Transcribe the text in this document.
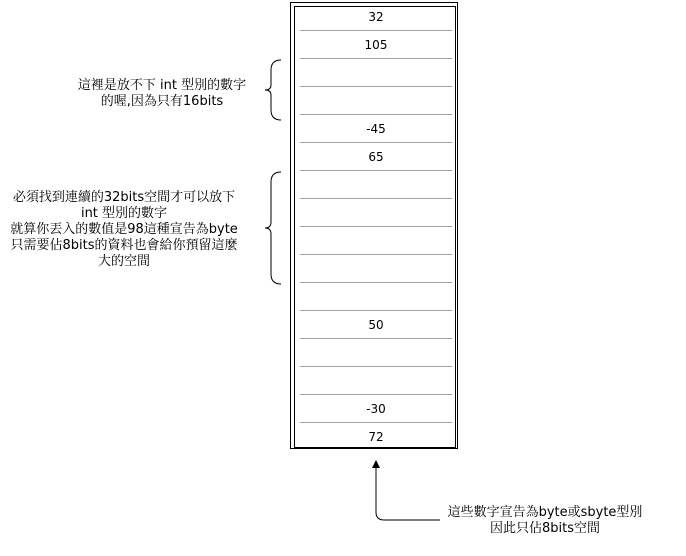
32
105
-45
65
50
-30
72
這裡是放不下 int 型別的數字
的喔,因為只有16bits
必須找到連續的32bits空間才可以放下
int 型別的數字
就算你丟入的數值是98這種宣告為byte
只需要佔8bits的資料也會給你預留這麼
大的空間
這些數字宣告為byte或sbyte型別
因此只佔8bits空間
